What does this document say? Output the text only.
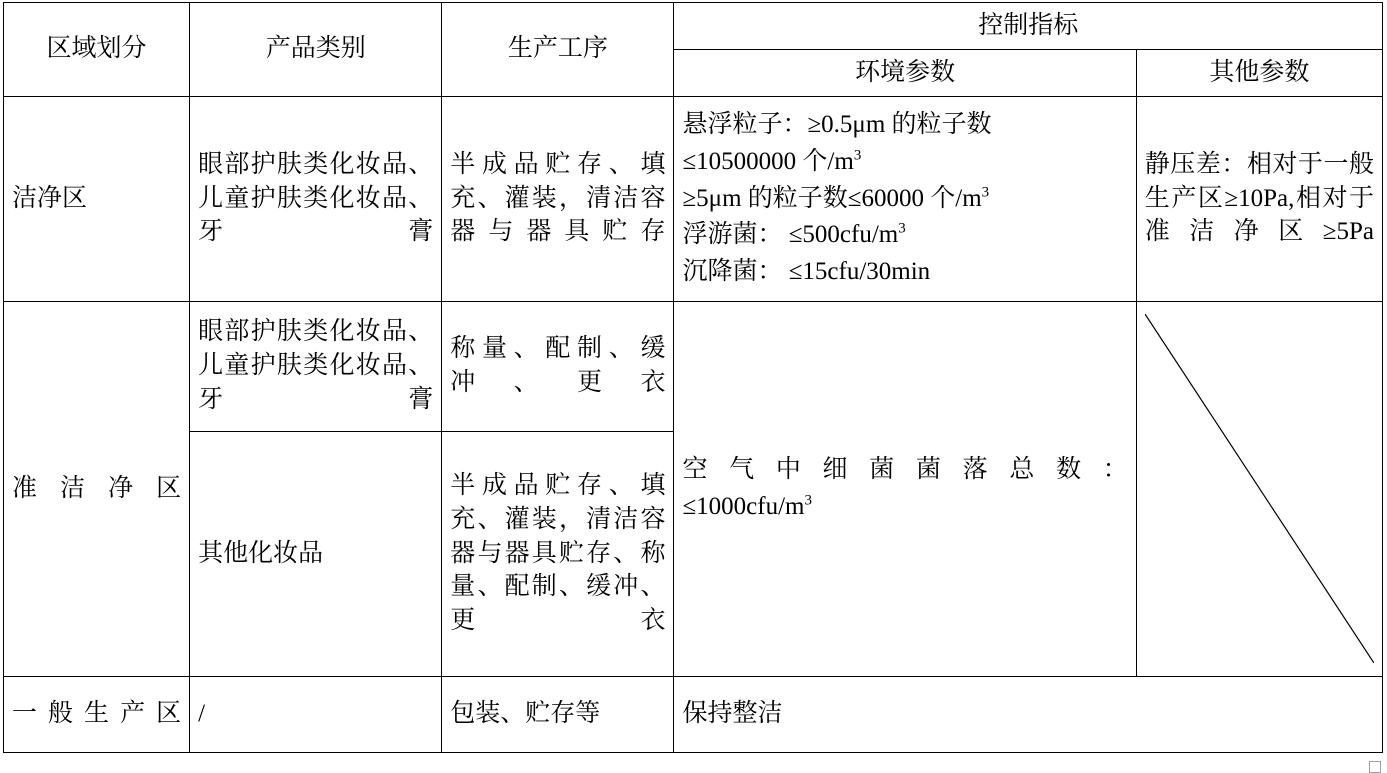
区域划分	产品类别	生产工序	控制指标	
			环境参数	其他参数
洁净区	眼部护肤类化妆品、儿童护肤类化妆品、牙膏	半成品贮存、填充、灌装，清洁容器与器具贮存	悬浮粒子：≥0.5μm 的粒子数
≤10500000 个$/m^3$
≥5μm 的粒子数≤60000 个$/m^3$
浮游菌： $\le 500cfu/m^3$
沉降菌： ≤15cfu/30min	静压差：相对于一般生产区≥10Pa,相对于准洁净区≥5Pa
准洁净区	眼部护肤类化妆品、儿童护肤类化妆品、牙膏	称量、配制、缓冲、更衣	空气中细菌菌落总数：
$\le 1000cfu/m^3$

	其他化妆品	半成品贮存、填充、灌装，清洁容器与器具贮存、称量、配制、缓冲、更衣		
一般生产区	/	包装、贮存等	保持整洁	
